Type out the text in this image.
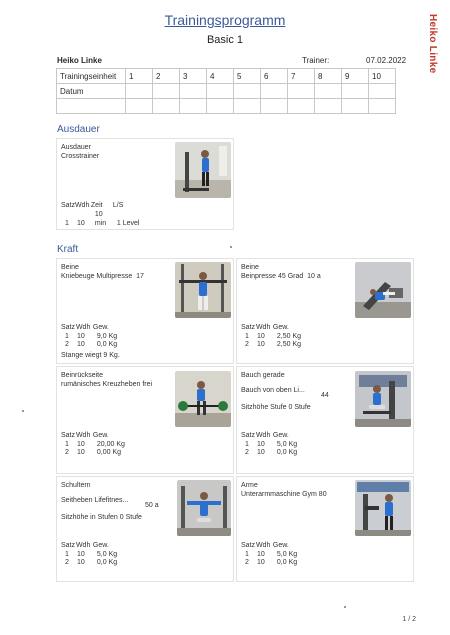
Trainingsprogramm
Basic 1	Heiko Linke
Heiko Linke	Trainer:	07.02.2022
Trainingseinheit	1	2	3	4	5	6	7	8	9	10
Datum										

Ausdauer
Ausdauer
Crosstrainer
Satz Wdh Zeit L/S
1 10 10 min 1 Level
Kraft
Beine
Kniebeuge Multipresse 17
Satz Wdh Gew.
1 10 9,0 Kg
2 10 0,0 Kg
Stange wiegt 9 Kg.
Beine
Beinpresse 45 Grad 10 a
Satz Wdh Gew.
1 10 2,50 Kg
2 10 2,50 Kg
Beinrückseite
rumänisches Kreuzheben frei
Satz Wdh Gew.
1 10 20,00 Kg
2 10 0,00 Kg
Bauch gerade
Bauch von oben Li...
44
Sitzhöhe Stufe 0 Stufe
Satz Wdh Gew.
1 10 5,0 Kg
2 10 0,0 Kg
Schultern
Seitheben Lifefitnes...
50 a
Sitzhöhe in Stufen 0 Stufe
Satz Wdh Gew.
1 10 5,0 Kg
2 10 0,0 Kg
Arme
Unterarmmaschine Gym 80
Satz Wdh Gew.
1 10 5,0 Kg
2 10 0,0 Kg
1 / 2
